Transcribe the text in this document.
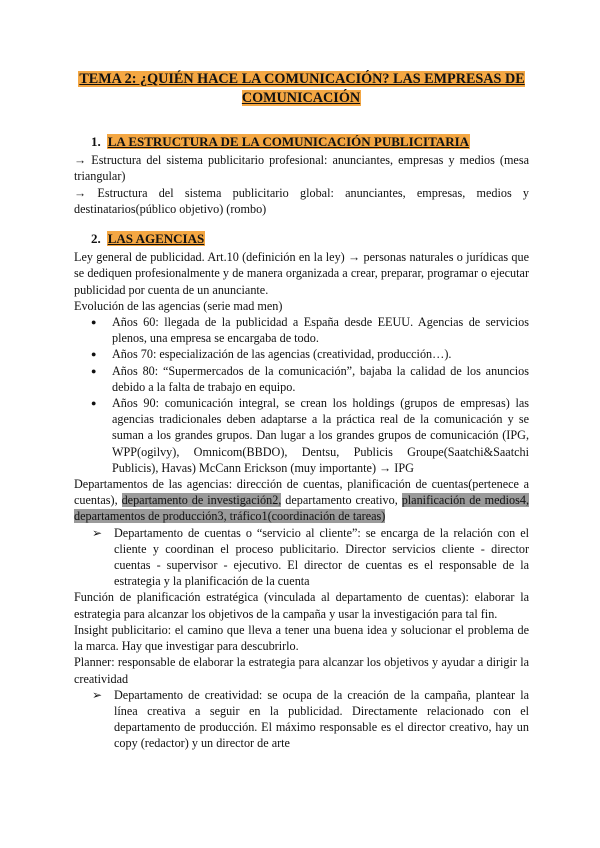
TEMA 2: ¿QUIÉN HACE LA COMUNICACIÓN? LAS EMPRESAS DE COMUNICACIÓN
1. LA ESTRUCTURA DE LA COMUNICACIÓN PUBLICITARIA

→ Estructura del sistema publicitario profesional: anunciantes, empresas y medios (mesa triangular)

→ Estructura del sistema publicitario global: anunciantes, empresas, medios y destinatarios(público objetivo) (rombo)

2. LAS AGENCIAS

Ley general de publicidad. Art.10 (definición en la ley) → personas naturales o jurídicas que se dediquen profesionalmente y de manera organizada a crear, preparar, programar o ejecutar publicidad por cuenta de un anunciante.

Evolución de las agencias (serie mad men)

● Años 60: llegada de la publicidad a España desde EEUU. Agencias de servicios plenos, una empresa se encargaba de todo.
● Años 70: especialización de las agencias (creatividad, producción…).
● Años 80: “Supermercados de la comunicación”, bajaba la calidad de los anuncios debido a la falta de trabajo en equipo.
● Años 90: comunicación integral, se crean los holdings (grupos de empresas) las agencias tradicionales deben adaptarse a la práctica real de la comunicación y se suman a los grandes grupos. Dan lugar a los grandes grupos de comunicación (IPG, WPP(ogilvy), Omnicom(BBDO), Dentsu, Publicis Groupe(Saatchi&Saatchi Publicis), Havas) McCann Erickson (muy importante) → IPG

Departamentos de las agencias: dirección de cuentas, planificación de cuentas(pertenece a cuentas), departamento de investigación2, departamento creativo, planificación de medios4, departamentos de producción3, tráfico1(coordinación de tareas)

➢ Departamento de cuentas o “servicio al cliente”: se encarga de la relación con el cliente y coordinan el proceso publicitario. Director servicios cliente - director cuentas - supervisor - ejecutivo. El director de cuentas es el responsable de la estrategia y la planificación de la cuenta

Función de planificación estratégica (vinculada al departamento de cuentas): elaborar la estrategia para alcanzar los objetivos de la campaña y usar la investigación para tal fin.

Insight publicitario: el camino que lleva a tener una buena idea y solucionar el problema de la marca. Hay que investigar para descubrirlo.

Planner: responsable de elaborar la estrategia para alcanzar los objetivos y ayudar a dirigir la creatividad

➢ Departamento de creatividad: se ocupa de la creación de la campaña, plantear la línea creativa a seguir en la publicidad. Directamente relacionado con el departamento de producción. El máximo responsable es el director creativo, hay un copy (redactor) y un director de arte
